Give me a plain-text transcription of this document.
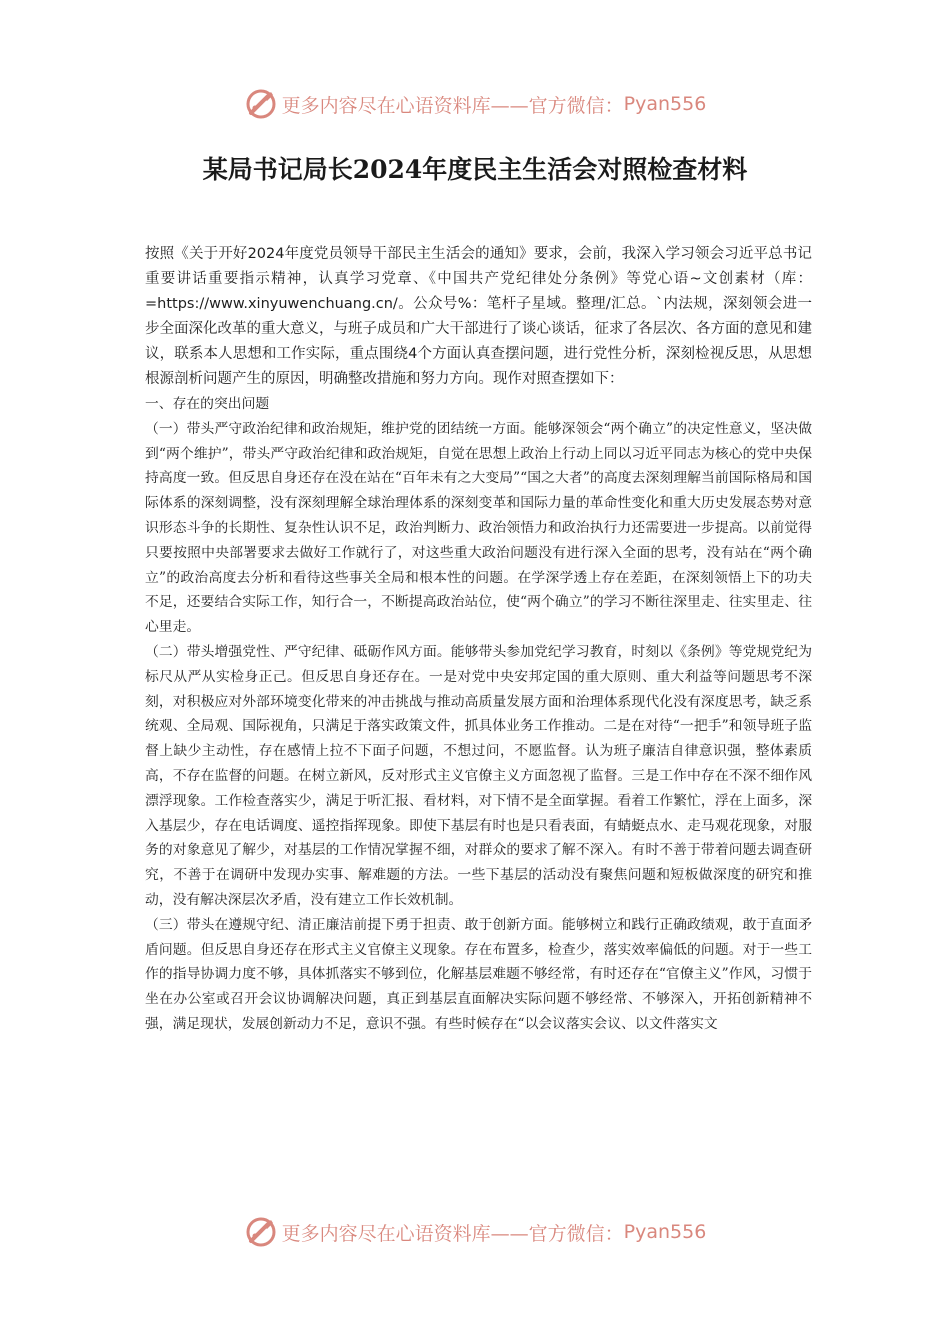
更多内容尽在心语资料库——官方微信： Pyan556
某局书记局长2024年度民主生活会对照检查材料

按照《关于开好2024年度党员领导干部民主生活会的通知》要求，会前，我深入学习领会习近平总书记重要讲话重要指示精神，认真学习党章、《中国共产党纪律处分条例》等党心语~文创素材（库：=https://www.xinyuwenchuang.cn/。公众号%：笔杆子星域。整理/汇总。`内法规，深刻领会进一步全面深化改革的重大意义，与班子成员和广大干部进行了谈心谈话，征求了各层次、各方面的意见和建议，联系本人思想和工作实际，重点围绕4个方面认真查摆问题，进行党性分析，深刻检视反思，从思想根源剖析问题产生的原因，明确整改措施和努力方向。现作对照查摆如下：

一、存在的突出问题

（一）带头严守政治纪律和政治规矩，维护党的团结统一方面。能够深领会“两个确立”的决定性意义，坚决做到“两个维护”，带头严守政治纪律和政治规矩，自觉在思想上政治上行动上同以习近平同志为核心的党中央保持高度一致。但反思自身还存在没在站在“百年未有之大变局”“国之大者”的高度去深刻理解当前国际格局和国际体系的深刻调整，没有深刻理解全球治理体系的深刻变革和国际力量的革命性变化和重大历史发展态势对意识形态斗争的长期性、复杂性认识不足，政治判断力、政治领悟力和政治执行力还需要进一步提高。以前觉得只要按照中央部署要求去做好工作就行了，对这些重大政治问题没有进行深入全面的思考，没有站在“两个确立”的政治高度去分析和看待这些事关全局和根本性的问题。在学深学透上存在差距，在深刻领悟上下的功夫不足，还要结合实际工作，知行合一，不断提高政治站位，使“两个确立”的学习不断往深里走、往实里走、往心里走。

（二）带头增强党性、严守纪律、砥砺作风方面。能够带头参加党纪学习教育，时刻以《条例》等党规党纪为标尺从严从实检身正己。但反思自身还存在。一是对党中央安邦定国的重大原则、重大利益等问题思考不深刻，对积极应对外部环境变化带来的冲击挑战与推动高质量发展方面和治理体系现代化没有深度思考，缺乏系统观、全局观、国际视角，只满足于落实政策文件，抓具体业务工作推动。二是在对待“一把手”和领导班子监督上缺少主动性，存在感情上拉不下面子问题，不想过问，不愿监督。认为班子廉洁自律意识强，整体素质高，不存在监督的问题。在树立新风，反对形式主义官僚主义方面忽视了监督。三是工作中存在不深不细作风漂浮现象。工作检查落实少，满足于听汇报、看材料，对下情不是全面掌握。看着工作繁忙，浮在上面多，深入基层少，存在电话调度、遥控指挥现象。即使下基层有时也是只看表面，有蜻蜓点水、走马观花现象，对服务的对象意见了解少，对基层的工作情况掌握不细，对群众的要求了解不深入。有时不善于带着问题去调查研究，不善于在调研中发现办实事、解难题的方法。一些下基层的活动没有聚焦问题和短板做深度的研究和推动，没有解决深层次矛盾，没有建立工作长效机制。

（三）带头在遵规守纪、清正廉洁前提下勇于担责、敢于创新方面。能够树立和践行正确政绩观，敢于直面矛盾问题。但反思自身还存在形式主义官僚主义现象。存在布置多，检查少，落实效率偏低的问题。对于一些工作的指导协调力度不够，具体抓落实不够到位，化解基层难题不够经常，有时还存在“官僚主义”作风，习惯于坐在办公室或召开会议协调解决问题，真正到基层直面解决实际问题不够经常、不够深入，开拓创新精神不强，满足现状，发展创新动力不足，意识不强。有些时候存在“以会议落实会议、以文件落实文

更多内容尽在心语资料库——官方微信： Pyan556
